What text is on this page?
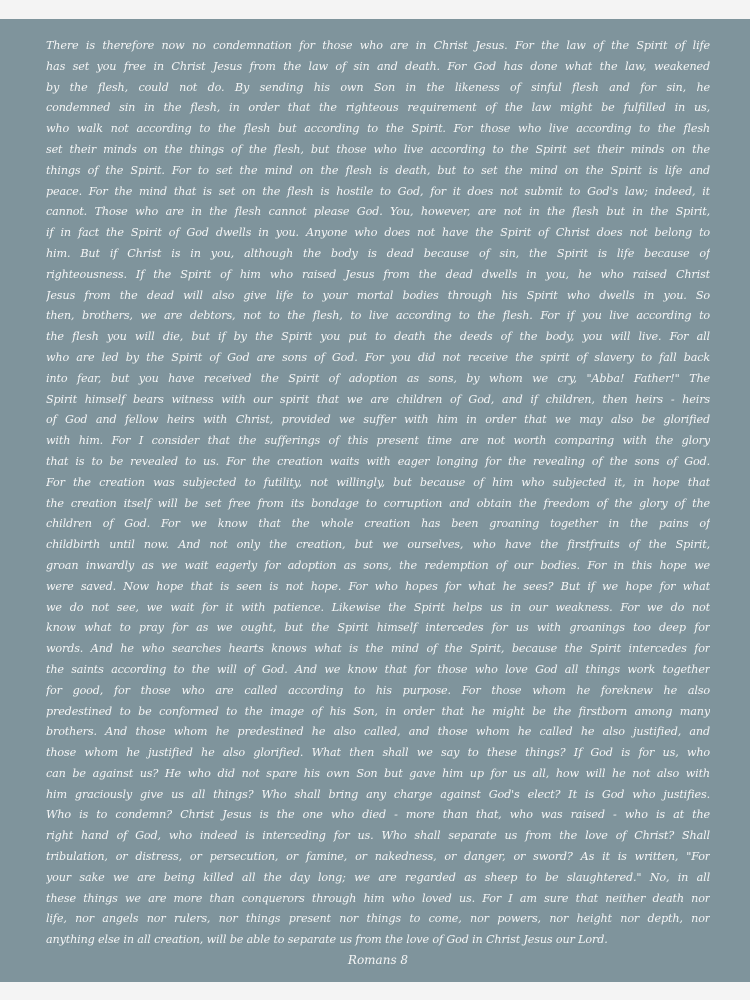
There is therefore now no condemnation for those who are in Christ Jesus. For the law of the Spirit of life
has set you free in Christ Jesus from the law of sin and death. For God has done what the law, weakened
by the flesh, could not do. By sending his own Son in the likeness of sinful flesh and for sin, he
condemned sin in the flesh, in order that the righteous requirement of the law might be fulfilled in us,
who walk not according to the flesh but according to the Spirit. For those who live according to the flesh
set their minds on the things of the flesh, but those who live according to the Spirit set their minds on the
things of the Spirit. For to set the mind on the flesh is death, but to set the mind on the Spirit is life and
peace. For the mind that is set on the flesh is hostile to God, for it does not submit to God's law; indeed, it
cannot. Those who are in the flesh cannot please God. You, however, are not in the flesh but in the Spirit,
if in fact the Spirit of God dwells in you. Anyone who does not have the Spirit of Christ does not belong to
him. But if Christ is in you, although the body is dead because of sin, the Spirit is life because of
righteousness. If the Spirit of him who raised Jesus from the dead dwells in you, he who raised Christ
Jesus from the dead will also give life to your mortal bodies through his Spirit who dwells in you. So
then, brothers, we are debtors, not to the flesh, to live according to the flesh. For if you live according to
the flesh you will die, but if by the Spirit you put to death the deeds of the body, you will live. For all
who are led by the Spirit of God are sons of God. For you did not receive the spirit of slavery to fall back
into fear, but you have received the Spirit of adoption as sons, by whom we cry, "Abba! Father!" The
Spirit himself bears witness with our spirit that we are children of God, and if children, then heirs - heirs
of God and fellow heirs with Christ, provided we suffer with him in order that we may also be glorified
with him. For I consider that the sufferings of this present time are not worth comparing with the glory
that is to be revealed to us. For the creation waits with eager longing for the revealing of the sons of God.
For the creation was subjected to futility, not willingly, but because of him who subjected it, in hope that
the creation itself will be set free from its bondage to corruption and obtain the freedom of the glory of the
children of God. For we know that the whole creation has been groaning together in the pains of
childbirth until now. And not only the creation, but we ourselves, who have the firstfruits of the Spirit,
groan inwardly as we wait eagerly for adoption as sons, the redemption of our bodies. For in this hope we
were saved. Now hope that is seen is not hope. For who hopes for what he sees? But if we hope for what
we do not see, we wait for it with patience. Likewise the Spirit helps us in our weakness. For we do not
know what to pray for as we ought, but the Spirit himself intercedes for us with groanings too deep for
words. And he who searches hearts knows what is the mind of the Spirit, because the Spirit intercedes for
the saints according to the will of God. And we know that for those who love God all things work together
for good, for those who are called according to his purpose. For those whom he foreknew he also
predestined to be conformed to the image of his Son, in order that he might be the firstborn among many
brothers. And those whom he predestined he also called, and those whom he called he also justified, and
those whom he justified he also glorified. What then shall we say to these things? If God is for us, who
can be against us? He who did not spare his own Son but gave him up for us all, how will he not also with
him graciously give us all things? Who shall bring any charge against God's elect? It is God who justifies.
Who is to condemn? Christ Jesus is the one who died - more than that, who was raised - who is at the
right hand of God, who indeed is interceding for us. Who shall separate us from the love of Christ? Shall
tribulation, or distress, or persecution, or famine, or nakedness, or danger, or sword? As it is written, "For
your sake we are being killed all the day long; we are regarded as sheep to be slaughtered." No, in all
these things we are more than conquerors through him who loved us. For I am sure that neither death nor
life, nor angels nor rulers, nor things present nor things to come, nor powers, nor height nor depth, nor
anything else in all creation, will be able to separate us from the love of God in Christ Jesus our Lord.
Romans 8
